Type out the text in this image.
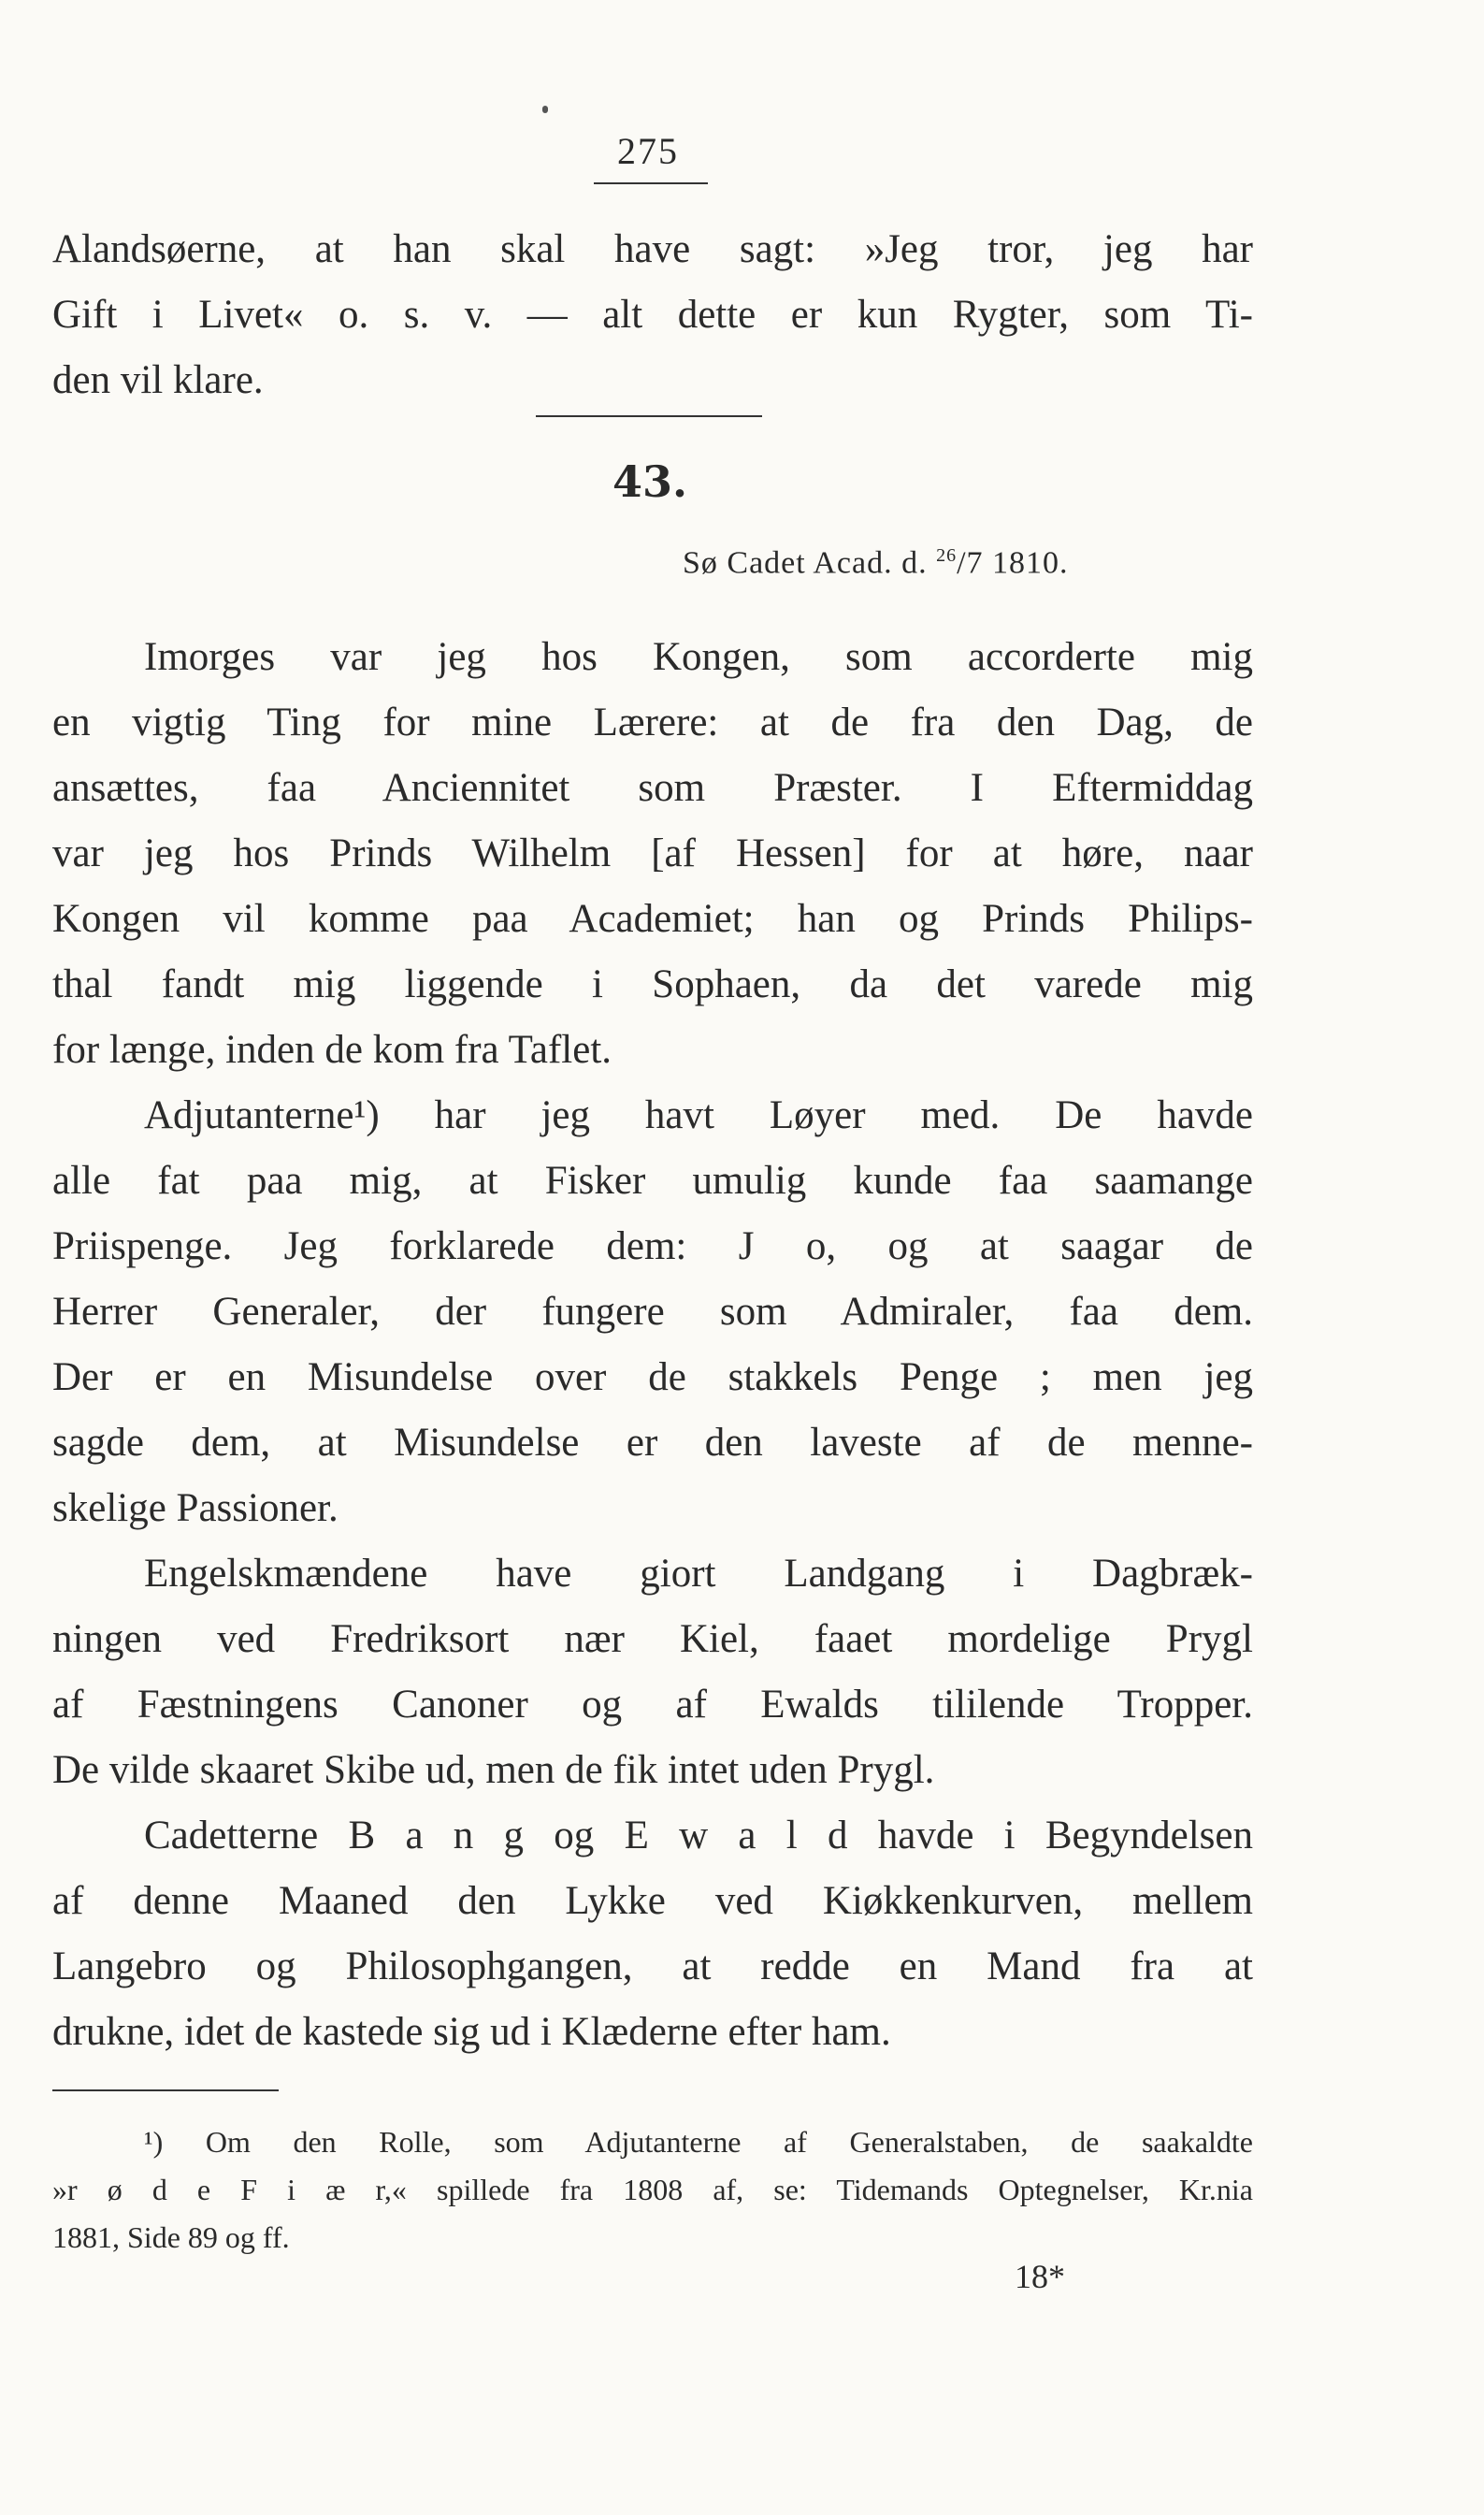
275
Alandsøerne, at han skal have sagt: »Jeg tror, jeg har
Gift i Livet« o. s. v. — alt dette er kun Rygter, som Ti-
den vil klare.
43.
Sø Cadet Acad. d. $^{26}$/7 1810.
Imorges var jeg hos Kongen, som accorderte mig
en vigtig Ting for mine Lærere: at de fra den Dag, de
ansættes, faa Anciennitet som Præster. I Eftermiddag
var jeg hos Prinds Wilhelm [af Hessen] for at høre, naar
Kongen vil komme paa Academiet; han og Prinds Philips-
thal fandt mig liggende i Sophaen, da det varede mig
for længe, inden de kom fra Taflet.
Adjutanterne¹) har jeg havt Løyer med. De havde
alle fat paa mig, at Fisker umulig kunde faa saamange
Priispenge. Jeg forklarede dem: J o, og at saagar de
Herrer Generaler, der fungere som Admiraler, faa dem.
Der er en Misundelse over de stakkels Penge ; men jeg
sagde dem, at Misundelse er den laveste af de menne-
skelige Passioner.
Engelskmændene have giort Landgang i Dagbræk-
ningen ved Fredriksort nær Kiel, faaet mordelige Prygl
af Fæstningens Canoner og af Ewalds tililende Tropper.
De vilde skaaret Skibe ud, men de fik intet uden Prygl.
Cadetterne B a n g og E w a l d havde i Begyndelsen
af denne Maaned den Lykke ved Kiøkkenkurven, mellem
Langebro og Philosophgangen, at redde en Mand fra at
drukne, idet de kastede sig ud i Klæderne efter ham.
¹) Om den Rolle, som Adjutanterne af Generalstaben, de saakaldte
»r ø d e F i æ r,« spillede fra 1808 af, se: Tidemands Optegnelser, Kr.nia
1881, Side 89 og ff.
18*
